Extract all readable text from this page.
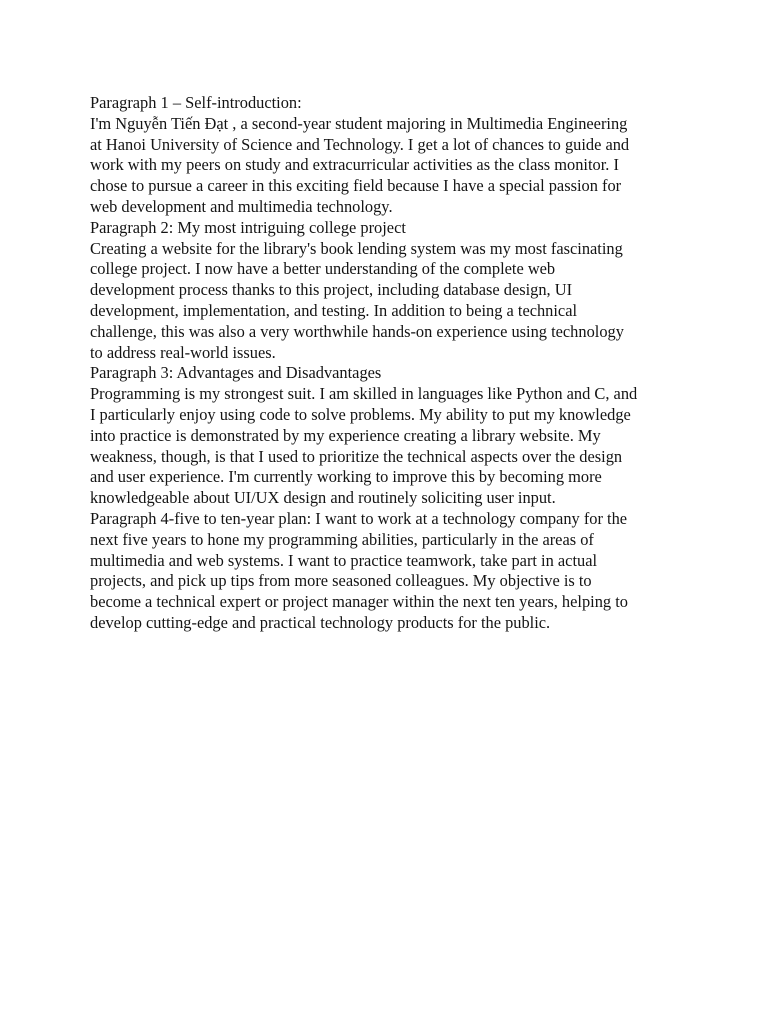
Paragraph 1 – Self-introduction:
I'm Nguyễn Tiến Đạt , a second-year student majoring in Multimedia Engineering
at Hanoi University of Science and Technology. I get a lot of chances to guide and
work with my peers on study and extracurricular activities as the class monitor. I
chose to pursue a career in this exciting field because I have a special passion for
web development and multimedia technology.
Paragraph 2: My most intriguing college project
Creating a website for the library's book lending system was my most fascinating
college project. I now have a better understanding of the complete web
development process thanks to this project, including database design, UI
development, implementation, and testing. In addition to being a technical
challenge, this was also a very worthwhile hands-on experience using technology
to address real-world issues.
Paragraph 3: Advantages and Disadvantages
Programming is my strongest suit. I am skilled in languages like Python and C, and
I particularly enjoy using code to solve problems. My ability to put my knowledge
into practice is demonstrated by my experience creating a library website. My
weakness, though, is that I used to prioritize the technical aspects over the design
and user experience. I'm currently working to improve this by becoming more
knowledgeable about UI/UX design and routinely soliciting user input.
Paragraph 4-five to ten-year plan: I want to work at a technology company for the
next five years to hone my programming abilities, particularly in the areas of
multimedia and web systems. I want to practice teamwork, take part in actual
projects, and pick up tips from more seasoned colleagues. My objective is to
become a technical expert or project manager within the next ten years, helping to
develop cutting-edge and practical technology products for the public.
